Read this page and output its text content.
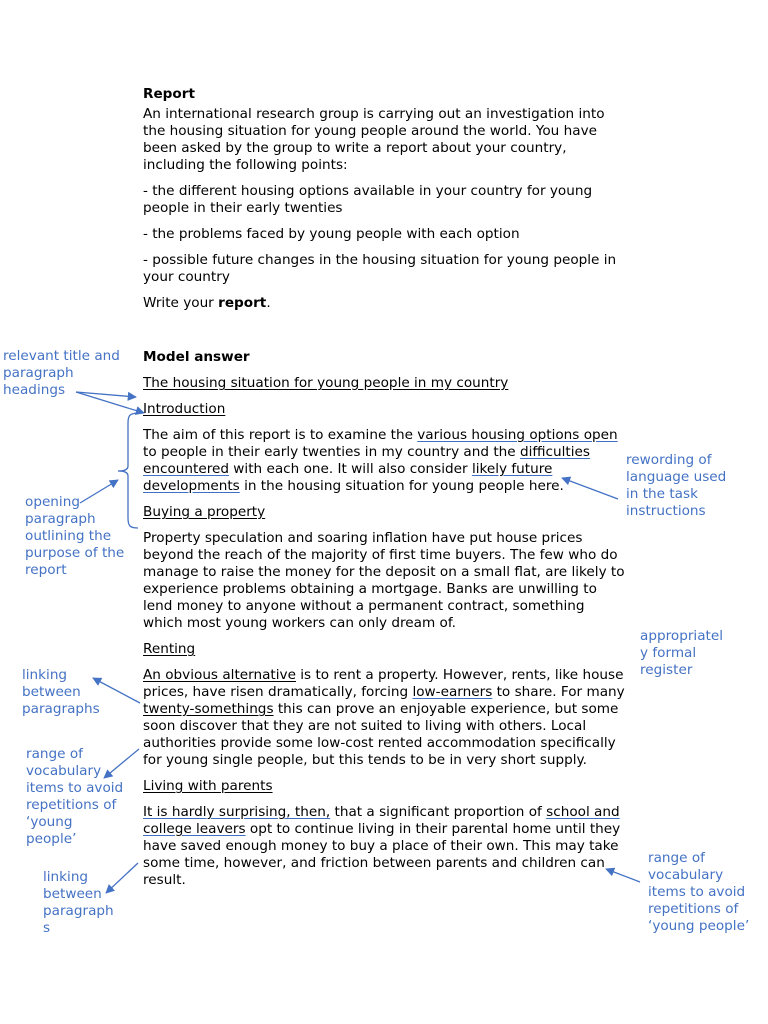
Report

An international research group is carrying out an investigation into the housing situation for young people around the world. You have been asked by the group to write a report about your country, including the following points:

- the different housing options available in your country for young people in their early twenties

- the problems faced by young people with each option

- possible future changes in the housing situation for young people in your country

Write your report.

Model answer

The housing situation for young people in my country

Introduction

The aim of this report is to examine the various housing options open to people in their early twenties in my country and the difficulties encountered with each one. It will also consider likely future developments in the housing situation for young people here.

Buying a property

Property speculation and soaring inflation have put house prices beyond the reach of the majority of first time buyers. The few who do manage to raise the money for the deposit on a small flat, are likely to experience problems obtaining a mortgage. Banks are unwilling to lend money to anyone without a permanent contract, something which most young workers can only dream of.

Renting

An obvious alternative is to rent a property. However, rents, like house prices, have risen dramatically, forcing low-earners to share. For many twenty-somethings this can prove an enjoyable experience, but some soon discover that they are not suited to living with others. Local authorities provide some low-cost rented accommodation specifically for young single people, but this tends to be in very short supply.

Living with parents

It is hardly surprising, then, that a significant proportion of school and college leavers opt to continue living in their parental home until they have saved enough money to buy a place of their own. This may take some time, however, and friction between parents and children can result.

relevant title and paragraph headings

opening paragraph outlining the purpose of the report

rewording of language used in the task instructions

appropriatel y formal register

linking between paragraphs

range of vocabulary items to avoid repetitions of ‘young people’

linking between paragraph s

range of vocabulary items to avoid repetitions of ‘young people’
